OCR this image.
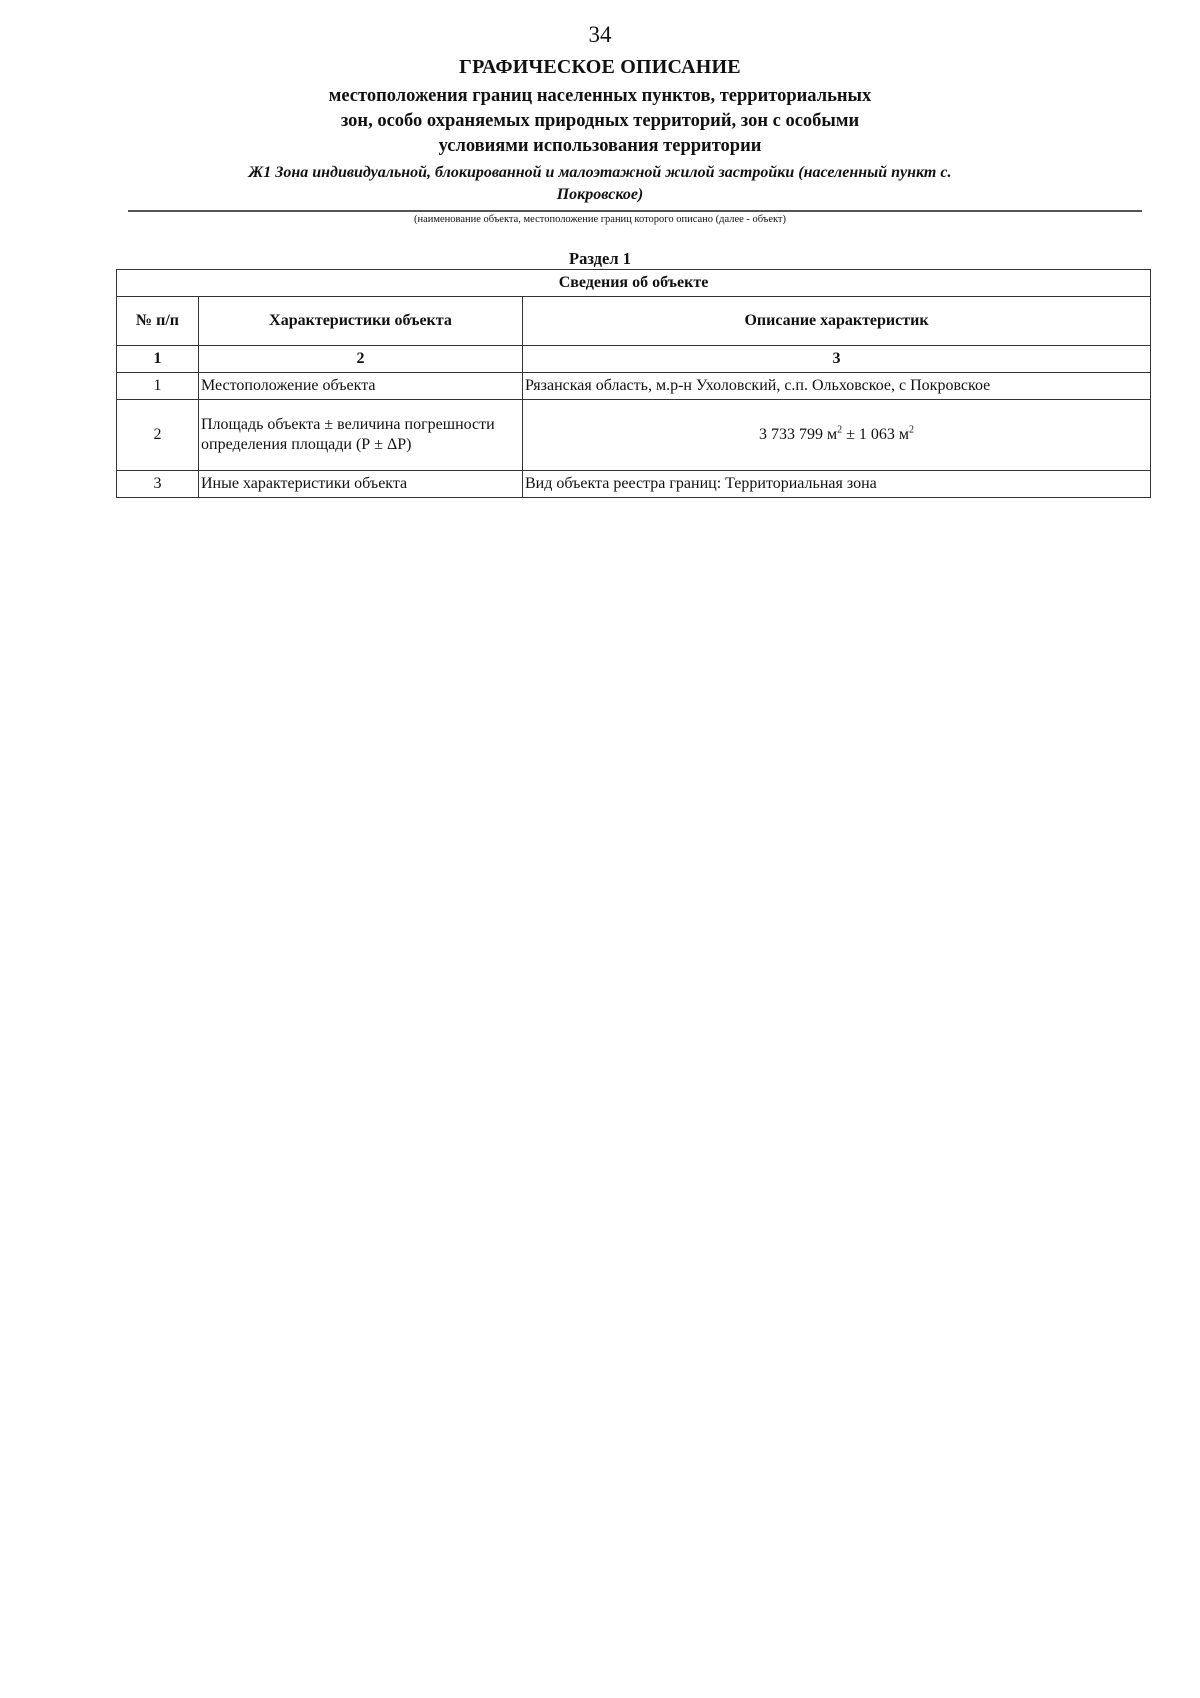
34
ГРАФИЧЕСКОЕ ОПИСАНИЕ
местоположения границ населенных пунктов, территориальных
зон, особо охраняемых природных территорий, зон с особыми
условиями использования территории
Ж1 Зона индивидуальной, блокированной и малоэтажной жилой застройки (населенный пункт с.
Покровское)
(наименование объекта, местоположение границ которого описано (далее - объект)
Раздел 1
Сведения об объекте		
№ п/п	Характеристики объекта	Описание характеристик
1	2	3
1	Местоположение объекта	Рязанская область, м.р-н Ухоловский, с.п. Ольховское, с Покровское
2	Площадь объекта ± величина погрешности определения площади (Р ± ΔР)	3 733 799 $м^2 \pm 1$ 063 $м^2$
3	Иные характеристики объекта	Вид объекта реестра границ: Территориальная зона
